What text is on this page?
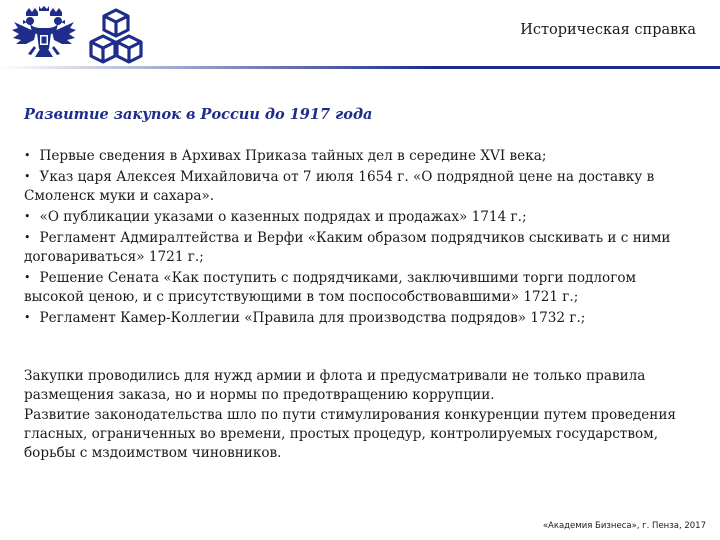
Историческая справка
Развитие закупок в России до 1917 года
• Первые сведения в Архивах Приказа тайных дел в середине XVI века;
• Указ царя Алексея Михайловича от 7 июля 1654 г. «О подрядной цене на доставку в Смоленск муки и сахара».
• «О публикации указами о казенных подрядах и продажах» 1714 г.;
• Регламент Адмиралтейства и Верфи «Каким образом подрядчиков сыскивать и с ними договариваться» 1721 г.;
• Решение Сената «Как поступить с подрядчиками, заключившими торги подлогом высокой ценою, и с присутствующими в том поспособствовавшими» 1721 г.;
• Регламент Камер-Коллегии «Правила для производства подрядов» 1732 г.;

Закупки проводились для нужд армии и флота и предусматривали не только правила размещения заказа, но и нормы по предотвращению коррупции.

Развитие законодательства шло по пути стимулирования конкуренции путем проведения гласных, ограниченных во времени, простых процедур, контролируемых государством, борьбы с мздоимством чиновников.

«Академия Бизнеса», г. Пенза, 2017
